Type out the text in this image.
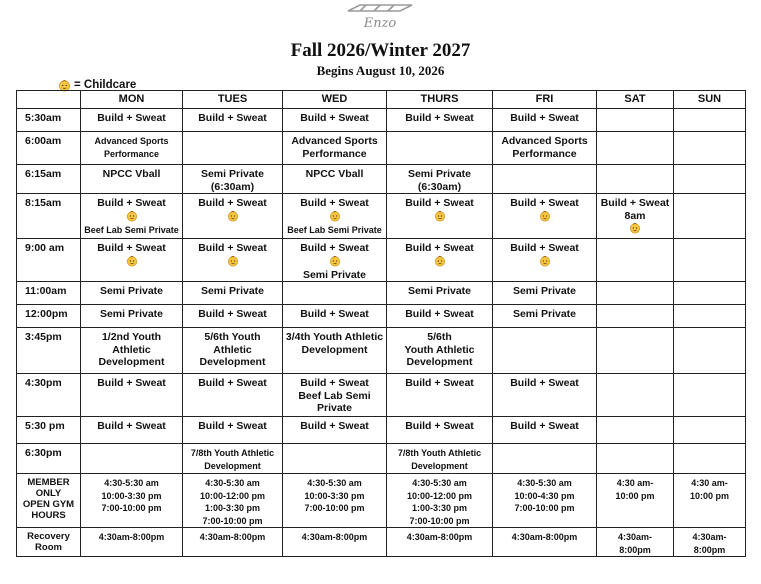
Enzo
Fall 2026/Winter 2027
Begins August 10, 2026
= Childcare
	MON	TUES	WED	THURS	FRI	SAT	SUN

5:30am	Build + Sweat	Build + Sweat	Build + Sweat	Build + Sweat	Build + Sweat		

6:00am	Advanced Sports
Performance		Advanced Sports
Performance		Advanced Sports
Performance		

6:15am	NPCC Vball	Semi Private
(6:30am)	NPCC Vball	Semi Private
(6:30am)			

8:15am	Build + Sweat
Beef Lab Semi Private	Build + Sweat	Build + Sweat
Beef Lab Semi Private	Build + Sweat	Build + Sweat	Build + Sweat
8am	

9:00 am	Build + Sweat	Build + Sweat	Build + Sweat
Semi Private	Build + Sweat	Build + Sweat		

11:00am	Semi Private	Semi Private		Semi Private	Semi Private		

12:00pm	Semi Private	Build + Sweat	Build + Sweat	Build + Sweat	Semi Private		

3:45pm	1/2nd Youth
Athletic
Development	5/6th Youth
Athletic
Development	3/4th Youth Athletic
Development	5/6th
Youth Athletic
Development			

4:30pm	Build + Sweat	Build + Sweat	Build + Sweat
Beef Lab Semi
Private	Build + Sweat	Build + Sweat		

5:30 pm	Build + Sweat	Build + Sweat	Build + Sweat	Build + Sweat	Build + Sweat		

6:30pm		7/8th Youth Athletic
Development		7/8th Youth Athletic
Development			

MEMBER
ONLY
OPEN GYM
HOURS	4:30-5:30 am
10:00-3:30 pm
7:00-10:00 pm	4:30-5:30 am
10:00-12:00 pm
1:00-3:30 pm
7:00-10:00 pm	4:30-5:30 am
10:00-3:30 pm
7:00-10:00 pm	4:30-5:30 am
10:00-12:00 pm
1:00-3:30 pm
7:00-10:00 pm	4:30-5:30 am
10:00-4:30 pm
7:00-10:00 pm	4:30 am-
10:00 pm	4:30 am-
10:00 pm

Recovery
Room	4:30am-8:00pm	4:30am-8:00pm	4:30am-8:00pm	4:30am-8:00pm	4:30am-8:00pm	4:30am-
8:00pm	4:30am-
8:00pm
